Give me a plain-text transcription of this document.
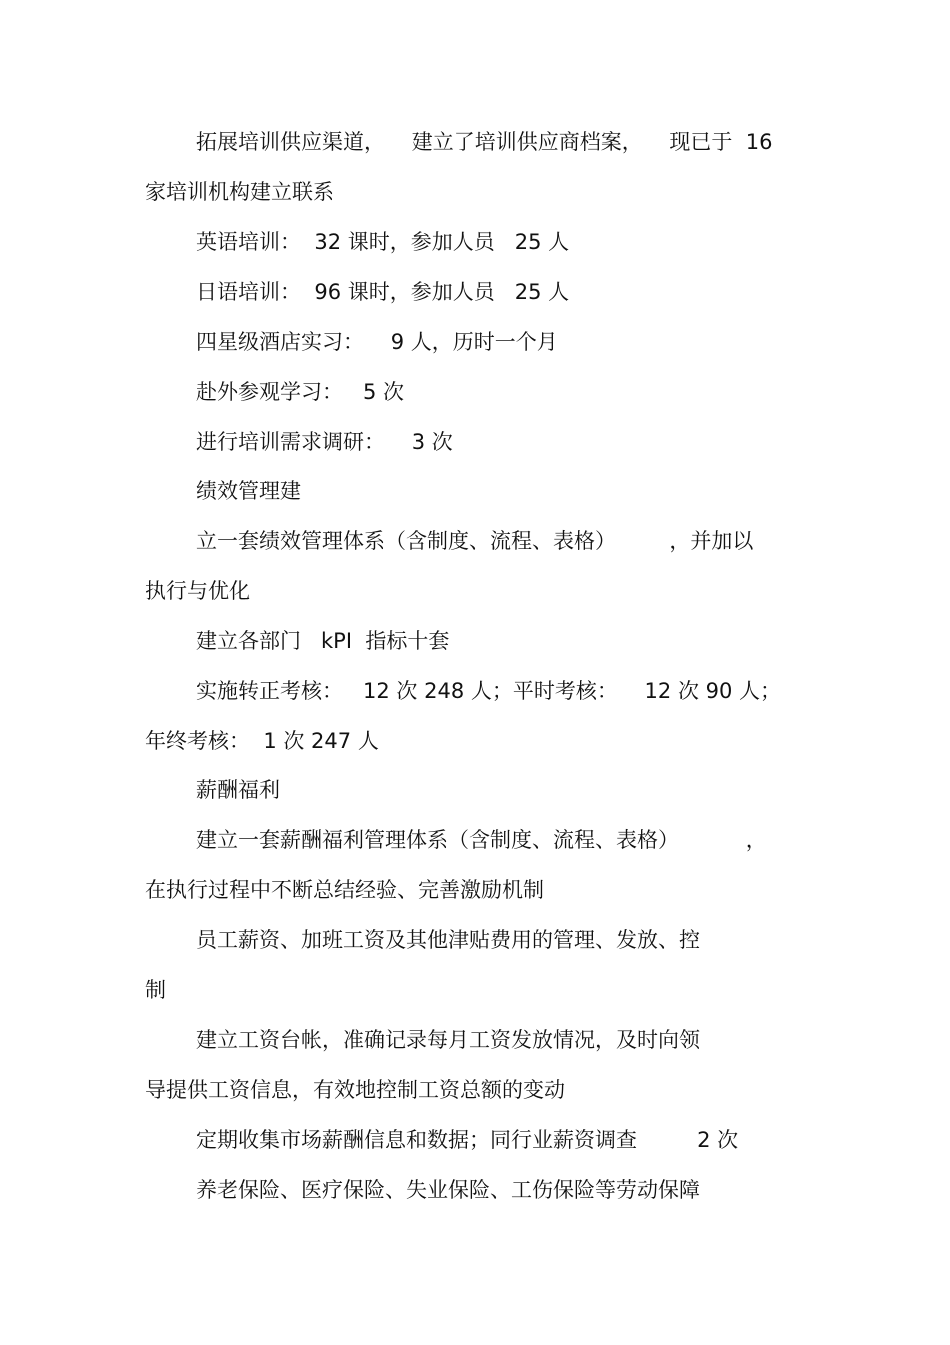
拓展培训供应渠道，    建立了培训供应商档案，    现已于  16
家培训机构建立联系
英语培训：  32 课时，参加人员   25 人
日语培训：  96 课时，参加人员   25 人
四星级酒店实习：    9 人，历时一个月
赴外参观学习：   5 次
进行培训需求调研：    3 次
绩效管理建
立一套绩效管理体系（含制度、流程、表格）        ，并加以
执行与优化
建立各部门   kPI  指标十套
实施转正考核：   12 次 248 人；平时考核：    12 次 90 人；
年终考核：  1 次 247 人
薪酬福利
建立一套薪酬福利管理体系（含制度、流程、表格）          ，
在执行过程中不断总结经验、完善激励机制
员工薪资、加班工资及其他津贴费用的管理、发放、控
制
建立工资台帐，准确记录每月工资发放情况，及时向领
导提供工资信息，有效地控制工资总额的变动
定期收集市场薪酬信息和数据；同行业薪资调查         2 次
养老保险、医疗保险、失业保险、工伤保险等劳动保障
